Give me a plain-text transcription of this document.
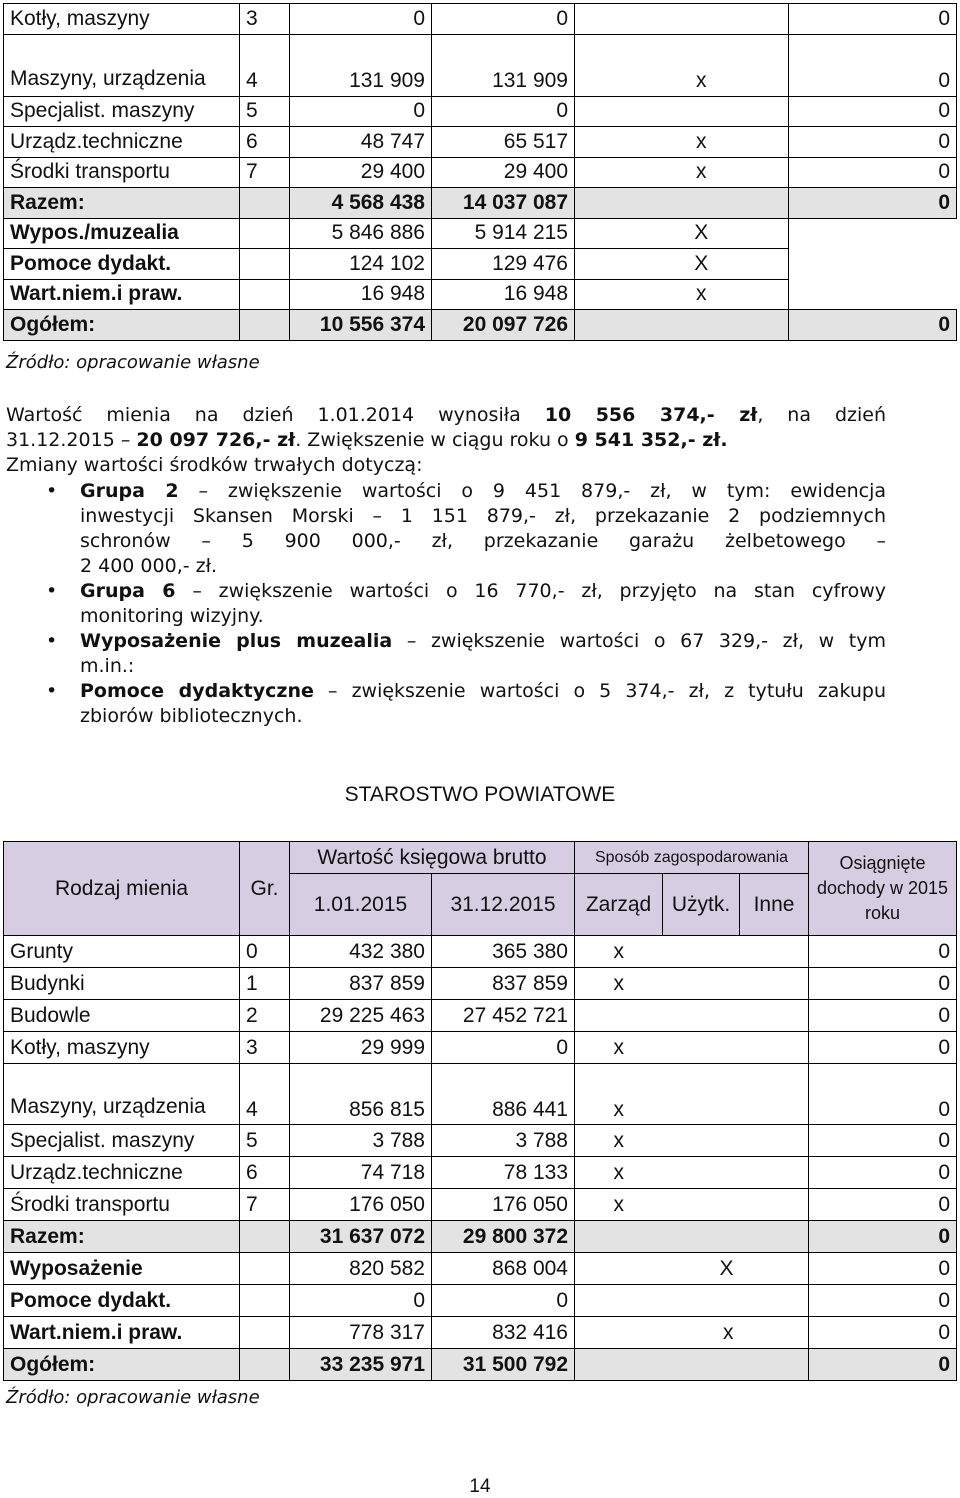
Kotły, maszyny	3	0	0			0
Maszyny, urządzenia	4	131 909	131 909		x	0
Specjalist. maszyny	5	0	0			0
Urządz.techniczne	6	48 747	65 517		x	0
Środki transportu	7	29 400	29 400		x	0
Razem:		4 568 438	14 037 087			0
Wypos./muzealia		5 846 886	5 914 215		X	
Pomoce dydakt.		124 102	129 476		X	
Wart.niem.i praw.		16 948	16 948		x	
Ogółem:		10 556 374	20 097 726			0
Źródło: opracowanie własne
Wartość mienia na dzień 1.01.2014 wynosiła 10 556 374,- zł, na dzień
31.12.2015 – 20 097 726,- zł. Zwiększenie w ciągu roku o 9 541 352,- zł.
Zmiany wartości środków trwałych dotyczą:
• Grupa 2 – zwiększenie wartości o 9 451 879,- zł, w tym: ewidencja
inwestycji Skansen Morski – 1 151 879,- zł, przekazanie 2 podziemnych
schronów – 5 900 000,- zł, przekazanie garażu żelbetowego –
2 400 000,- zł.
• Grupa 6 – zwiększenie wartości o 16 770,- zł, przyjęto na stan cyfrowy
monitoring wizyjny.
• Wyposażenie plus muzealia – zwiększenie wartości o 67 329,- zł, w tym
m.in.:
• Pomoce dydaktyczne – zwiększenie wartości o 5 374,- zł, z tytułu zakupu
zbiorów bibliotecznych.
STAROSTWO POWIATOWE
Rodzaj mienia	Gr.	Wartość księgowa brutto		Sposób zagospodarowania			Osiągnięte dochody w 2015 roku
		1.01.2015	31.12.2015	Zarząd	Użytk.	Inne	
Grunty	0	432 380	365 380	x			0
Budynki	1	837 859	837 859	x			0
Budowle	2	29 225 463	27 452 721				0
Kotły, maszyny	3	29 999	0	x			0
Maszyny, urządzenia	4	856 815	886 441	x			0
Specjalist. maszyny	5	3 788	3 788	x			0
Urządz.techniczne	6	74 718	78 133	x			0
Środki transportu	7	176 050	176 050	x			0
Razem:		31 637 072	29 800 372				0
Wyposażenie		820 582	868 004		X		0
Pomoce dydakt.		0	0				0
Wart.niem.i praw.		778 317	832 416		x		0
Ogółem:		33 235 971	31 500 792				0
Źródło: opracowanie własne
14
